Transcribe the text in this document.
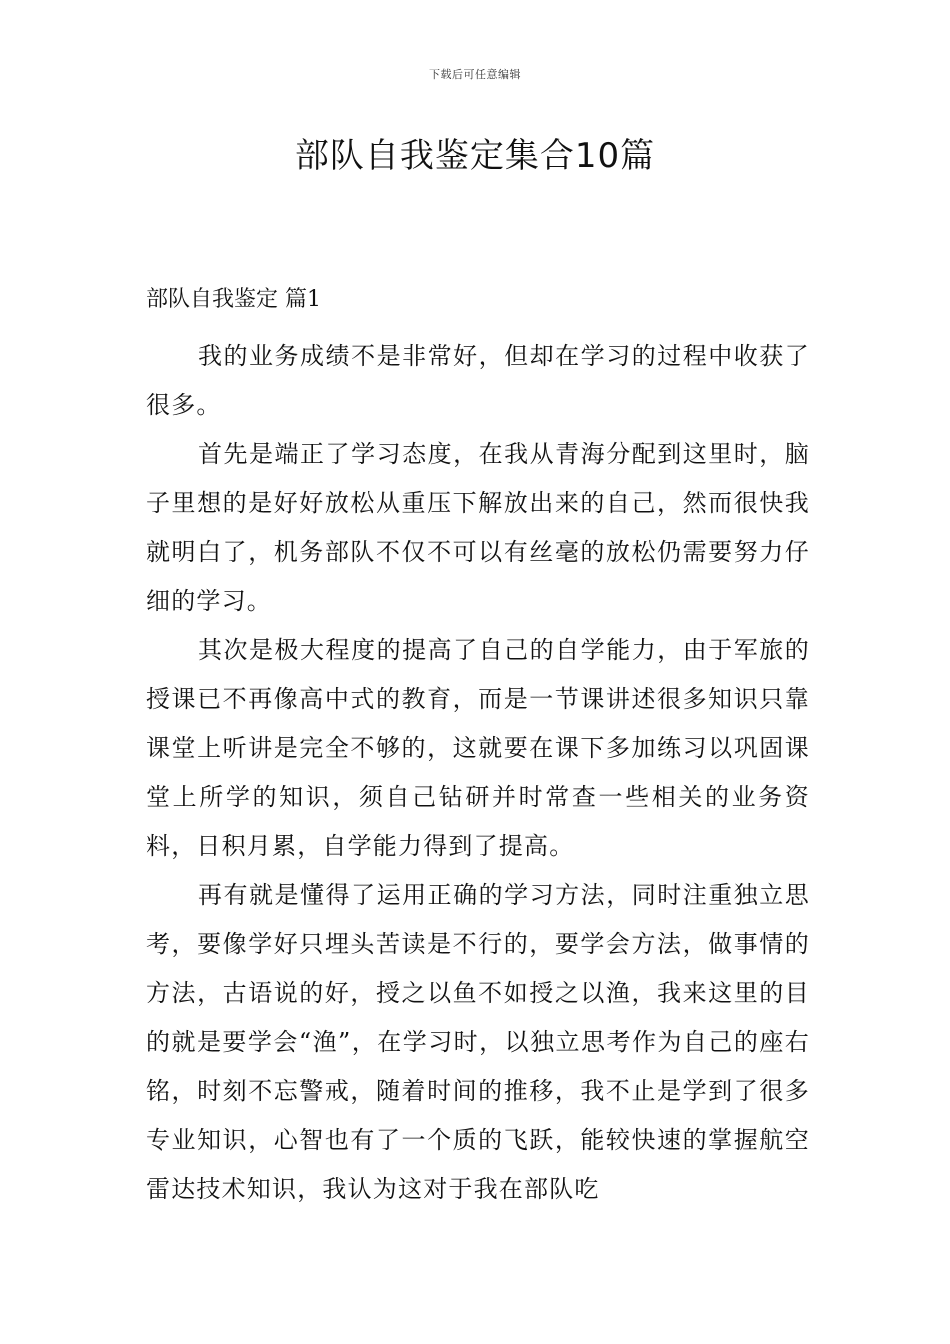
下载后可任意编辑
部队自我鉴定集合10篇
部队自我鉴定 篇1

我的业务成绩不是非常好，但却在学习的过程中收获了很多。

首先是端正了学习态度，在我从青海分配到这里时，脑子里想的是好好放松从重压下解放出来的自己，然而很快我就明白了，机务部队不仅不可以有丝毫的放松仍需要努力仔细的学习。

其次是极大程度的提高了自己的自学能力，由于军旅的授课已不再像高中式的教育，而是一节课讲述很多知识只靠课堂上听讲是完全不够的，这就要在课下多加练习以巩固课堂上所学的知识，须自己钻研并时常查一些相关的业务资料，日积月累，自学能力得到了提高。

再有就是懂得了运用正确的学习方法，同时注重独立思考，要像学好只埋头苦读是不行的，要学会方法，做事情的方法，古语说的好，授之以鱼不如授之以渔，我来这里的目的就是要学会“渔”，在学习时，以独立思考作为自己的座右铭，时刻不忘警戒，随着时间的推移，我不止是学到了很多专业知识，心智也有了一个质的飞跃，能较快速的掌握航空雷达技术知识，我认为这对于我在部队吃
